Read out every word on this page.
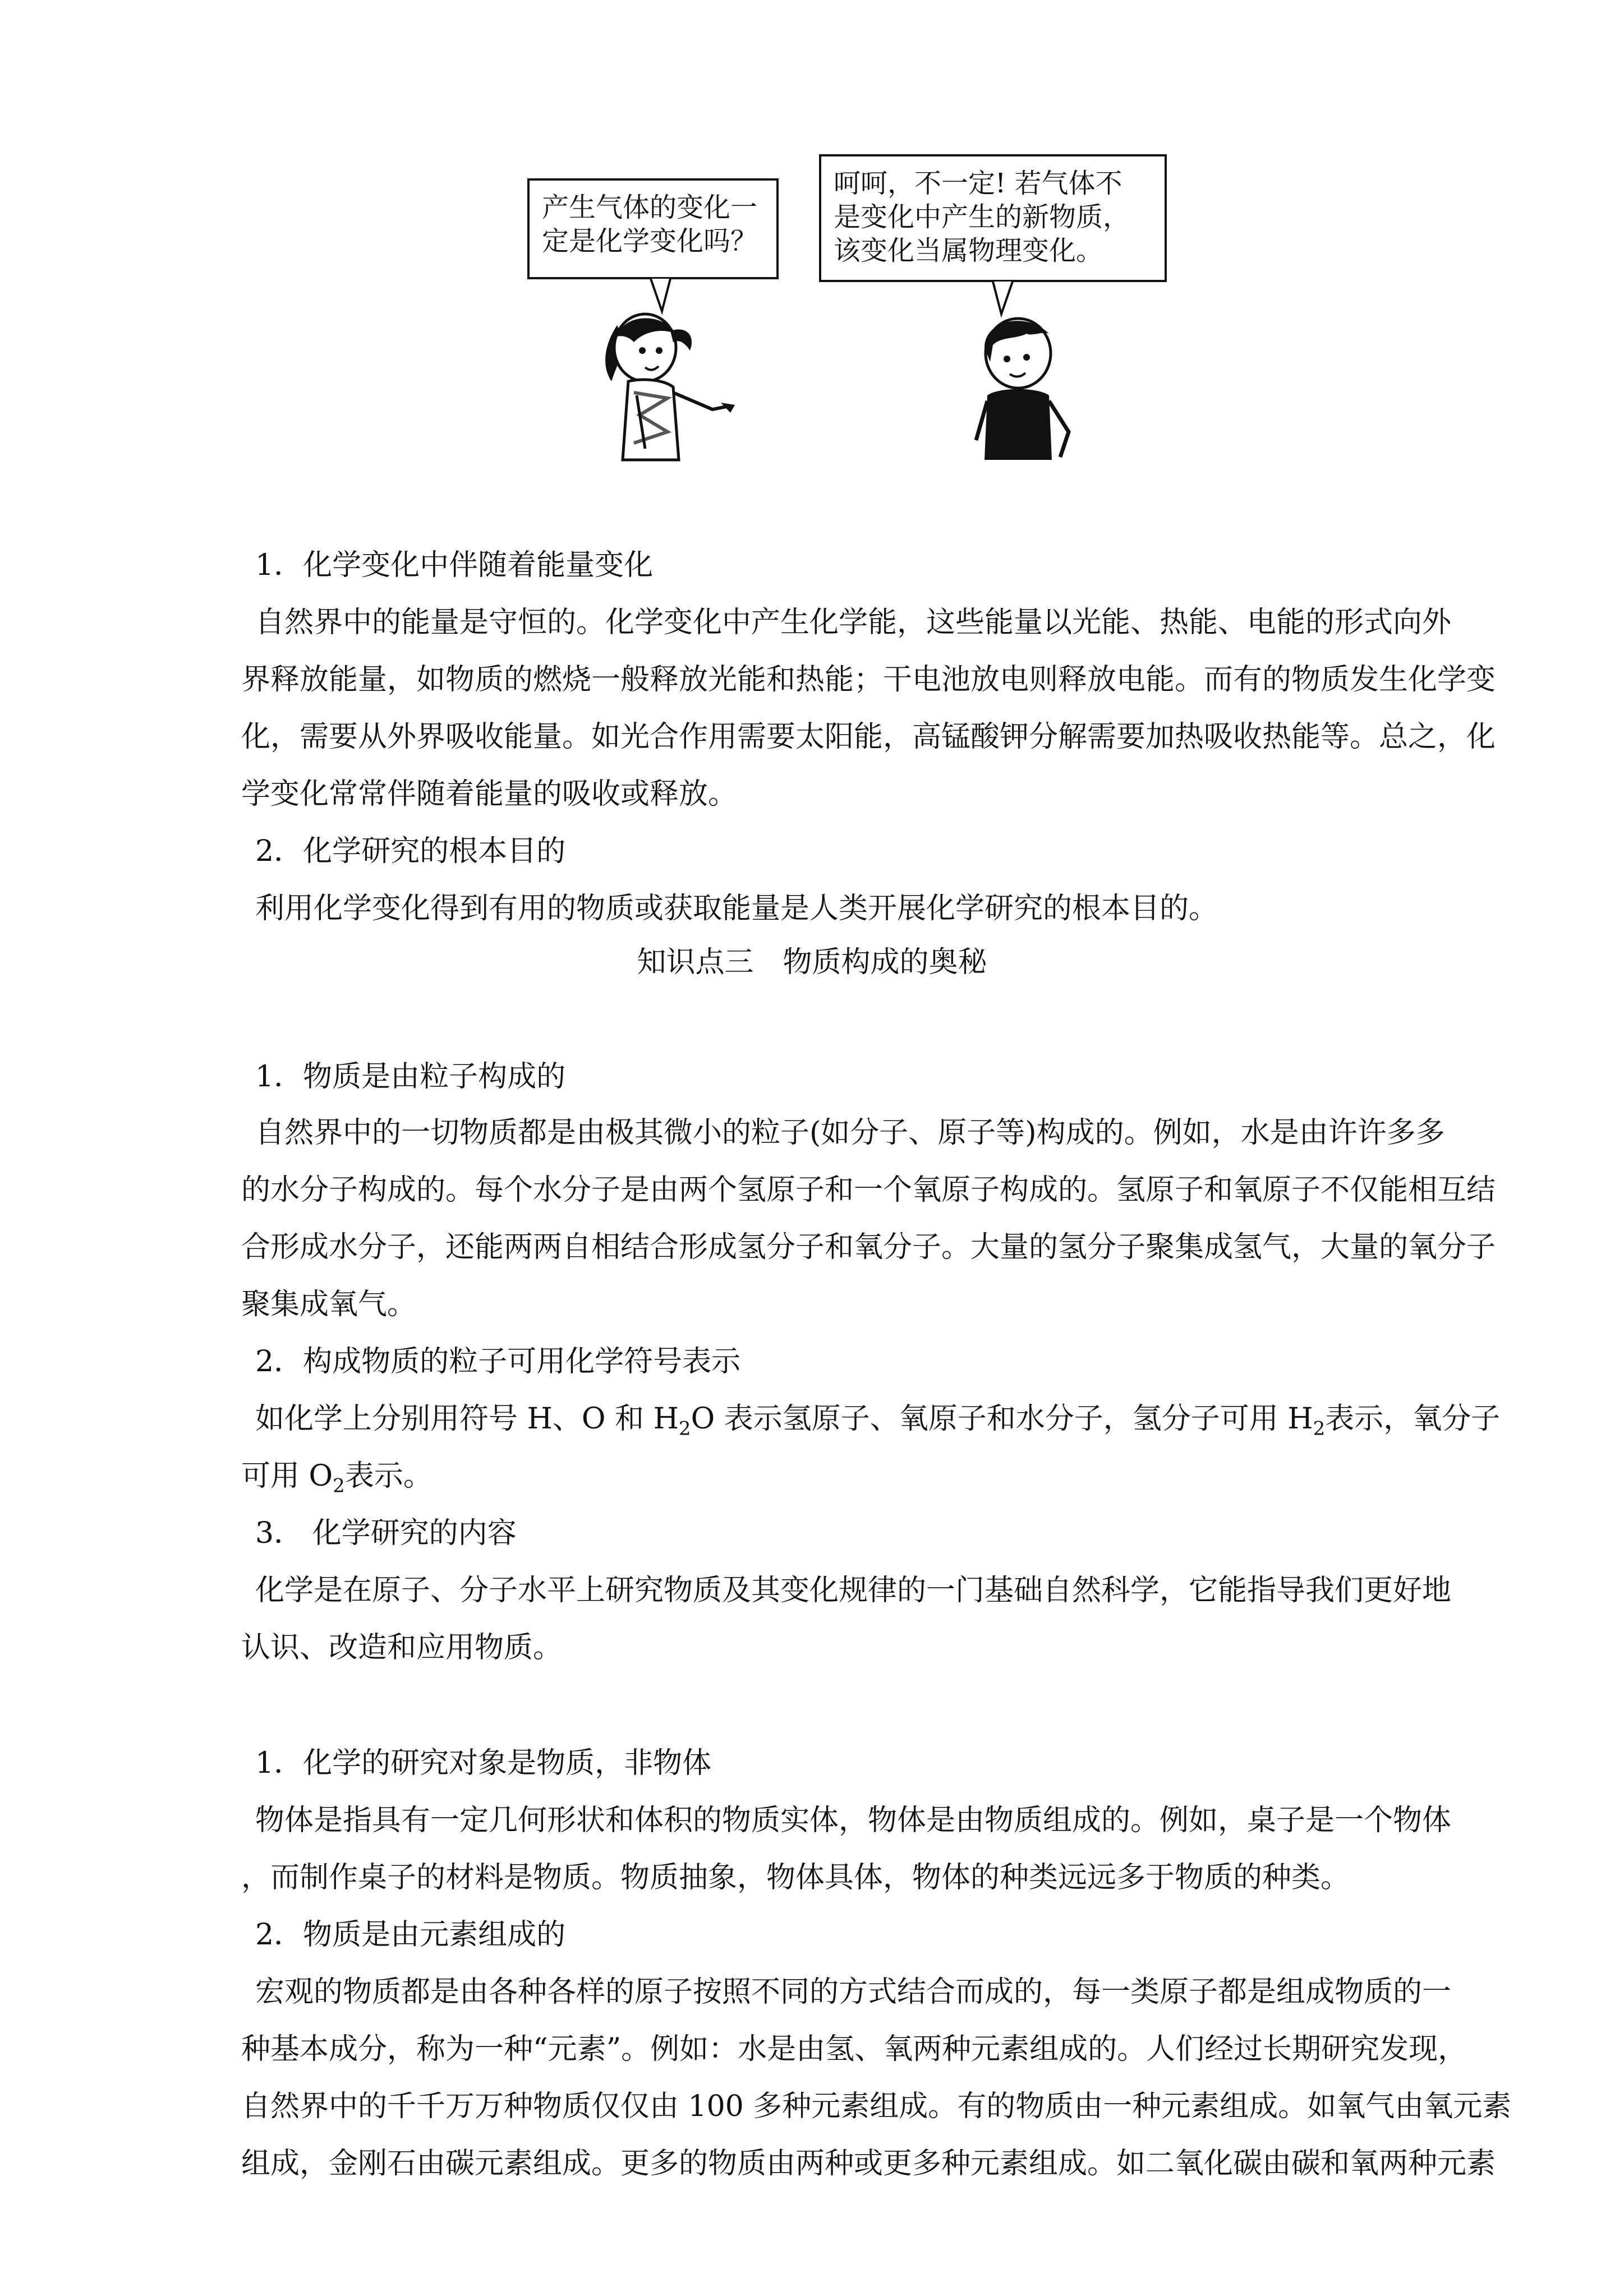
产生气体的变化一
定是化学变化吗？
呵呵，不一定! 若气体不
是变化中产生的新物质，
该变化当属物理变化。
1．化学变化中伴随着能量变化
自然界中的能量是守恒的。化学变化中产生化学能，这些能量以光能、热能、电能的形式向外
界释放能量，如物质的燃烧一般释放光能和热能；干电池放电则释放电能。而有的物质发生化学变
化，需要从外界吸收能量。如光合作用需要太阳能，高锰酸钾分解需要加热吸收热能等。总之，化
学变化常常伴随着能量的吸收或释放。
2．化学研究的根本目的
利用化学变化得到有用的物质或获取能量是人类开展化学研究的根本目的。
知识点三　物质构成的奥秘
1．物质是由粒子构成的
自然界中的一切物质都是由极其微小的粒子(如分子、原子等)构成的。例如，水是由许许多多
的水分子构成的。每个水分子是由两个氢原子和一个氧原子构成的。氢原子和氧原子不仅能相互结
合形成水分子，还能两两自相结合形成氢分子和氧分子。大量的氢分子聚集成氢气，大量的氧分子
聚集成氧气。
2．构成物质的粒子可用化学符号表示
如化学上分别用符号 H、O 和 $H_2O$ 表示氢原子、氧原子和水分子，氢分子可用 $H_2$表示，氧分子
可用 $O_2$表示。
3． 化学研究的内容
化学是在原子、分子水平上研究物质及其变化规律的一门基础自然科学，它能指导我们更好地
认识、改造和应用物质。
1．化学的研究对象是物质，非物体
物体是指具有一定几何形状和体积的物质实体，物体是由物质组成的。例如，桌子是一个物体
，而制作桌子的材料是物质。物质抽象，物体具体，物体的种类远远多于物质的种类。
2．物质是由元素组成的
宏观的物质都是由各种各样的原子按照不同的方式结合而成的，每一类原子都是组成物质的一
种基本成分，称为一种“元素”。例如：水是由氢、氧两种元素组成的。人们经过长期研究发现，
自然界中的千千万万种物质仅仅由 100 多种元素组成。有的物质由一种元素组成。如氧气由氧元素
组成，金刚石由碳元素组成。更多的物质由两种或更多种元素组成。如二氧化碳由碳和氧两种元素
